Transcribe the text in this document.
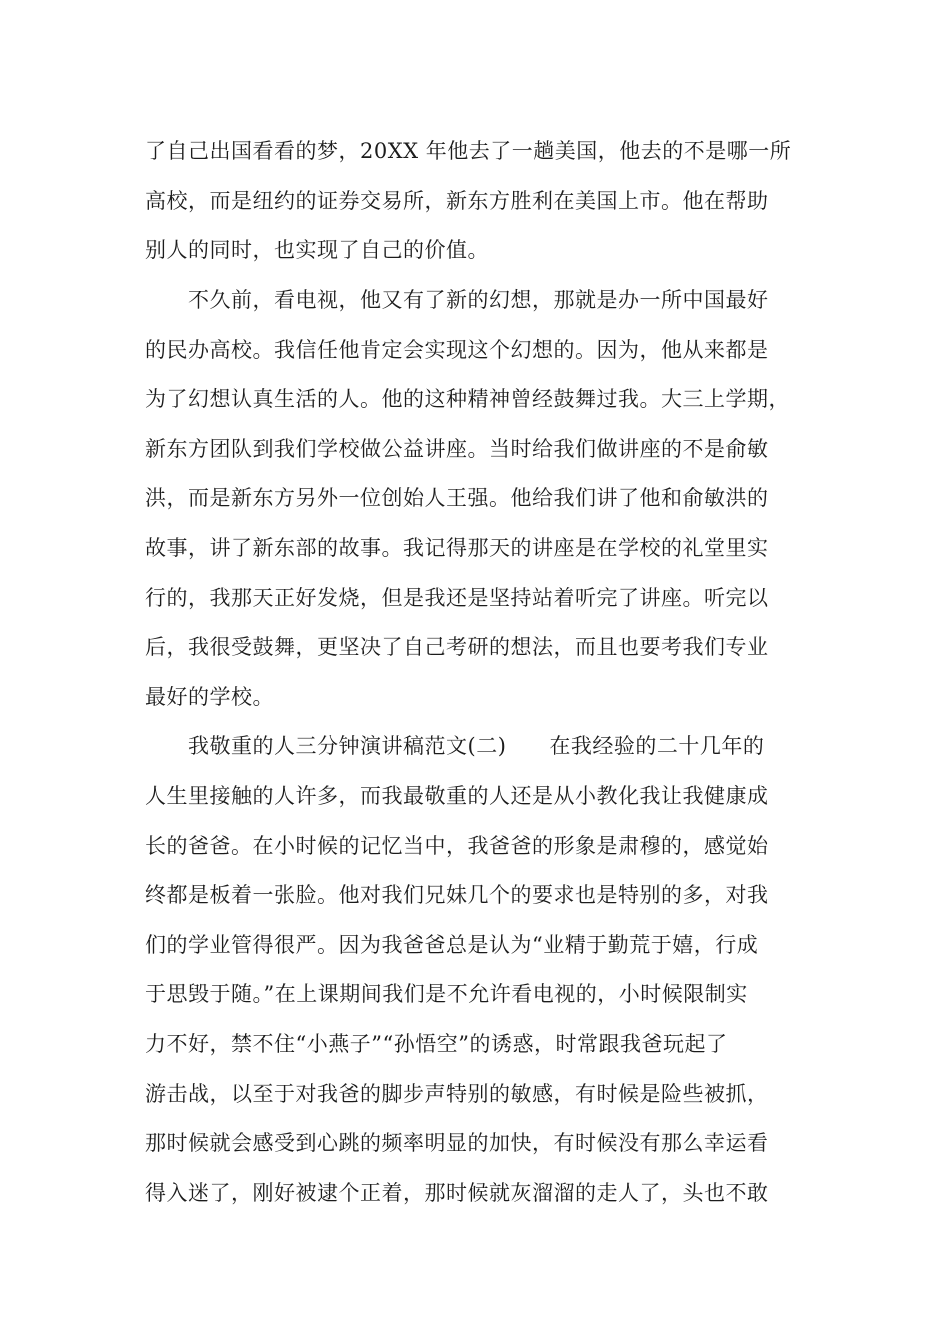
了自己出国看看的梦，20XX 年他去了一趟美国，他去的不是哪一所
高校，而是纽约的证券交易所，新东方胜利在美国上市。他在帮助
别人的同时，也实现了自己的价值。
　　不久前，看电视，他又有了新的幻想，那就是办一所中国最好
的民办高校。我信任他肯定会实现这个幻想的。因为，他从来都是
为了幻想认真生活的人。他的这种精神曾经鼓舞过我。大三上学期，
新东方团队到我们学校做公益讲座。当时给我们做讲座的不是俞敏
洪，而是新东方另外一位创始人王强。他给我们讲了他和俞敏洪的
故事，讲了新东部的故事。我记得那天的讲座是在学校的礼堂里实
行的，我那天正好发烧，但是我还是坚持站着听完了讲座。听完以
后，我很受鼓舞，更坚决了自己考研的想法，而且也要考我们专业
最好的学校。
　　我敬重的人三分钟演讲稿范文(二)　　在我经验的二十几年的
人生里接触的人许多，而我最敬重的人还是从小教化我让我健康成
长的爸爸。在小时候的记忆当中，我爸爸的形象是肃穆的，感觉始
终都是板着一张脸。他对我们兄妹几个的要求也是特别的多，对我
们的学业管得很严。因为我爸爸总是认为“业精于勤荒于嬉，行成
于思毁于随。”在上课期间我们是不允许看电视的，小时候限制实
力不好，禁不住“小燕子”“孙悟空”的诱惑，时常跟我爸玩起了
游击战，以至于对我爸的脚步声特别的敏感，有时候是险些被抓，
那时候就会感受到心跳的频率明显的加快，有时候没有那么幸运看
得入迷了，刚好被逮个正着，那时候就灰溜溜的走人了，头也不敢
